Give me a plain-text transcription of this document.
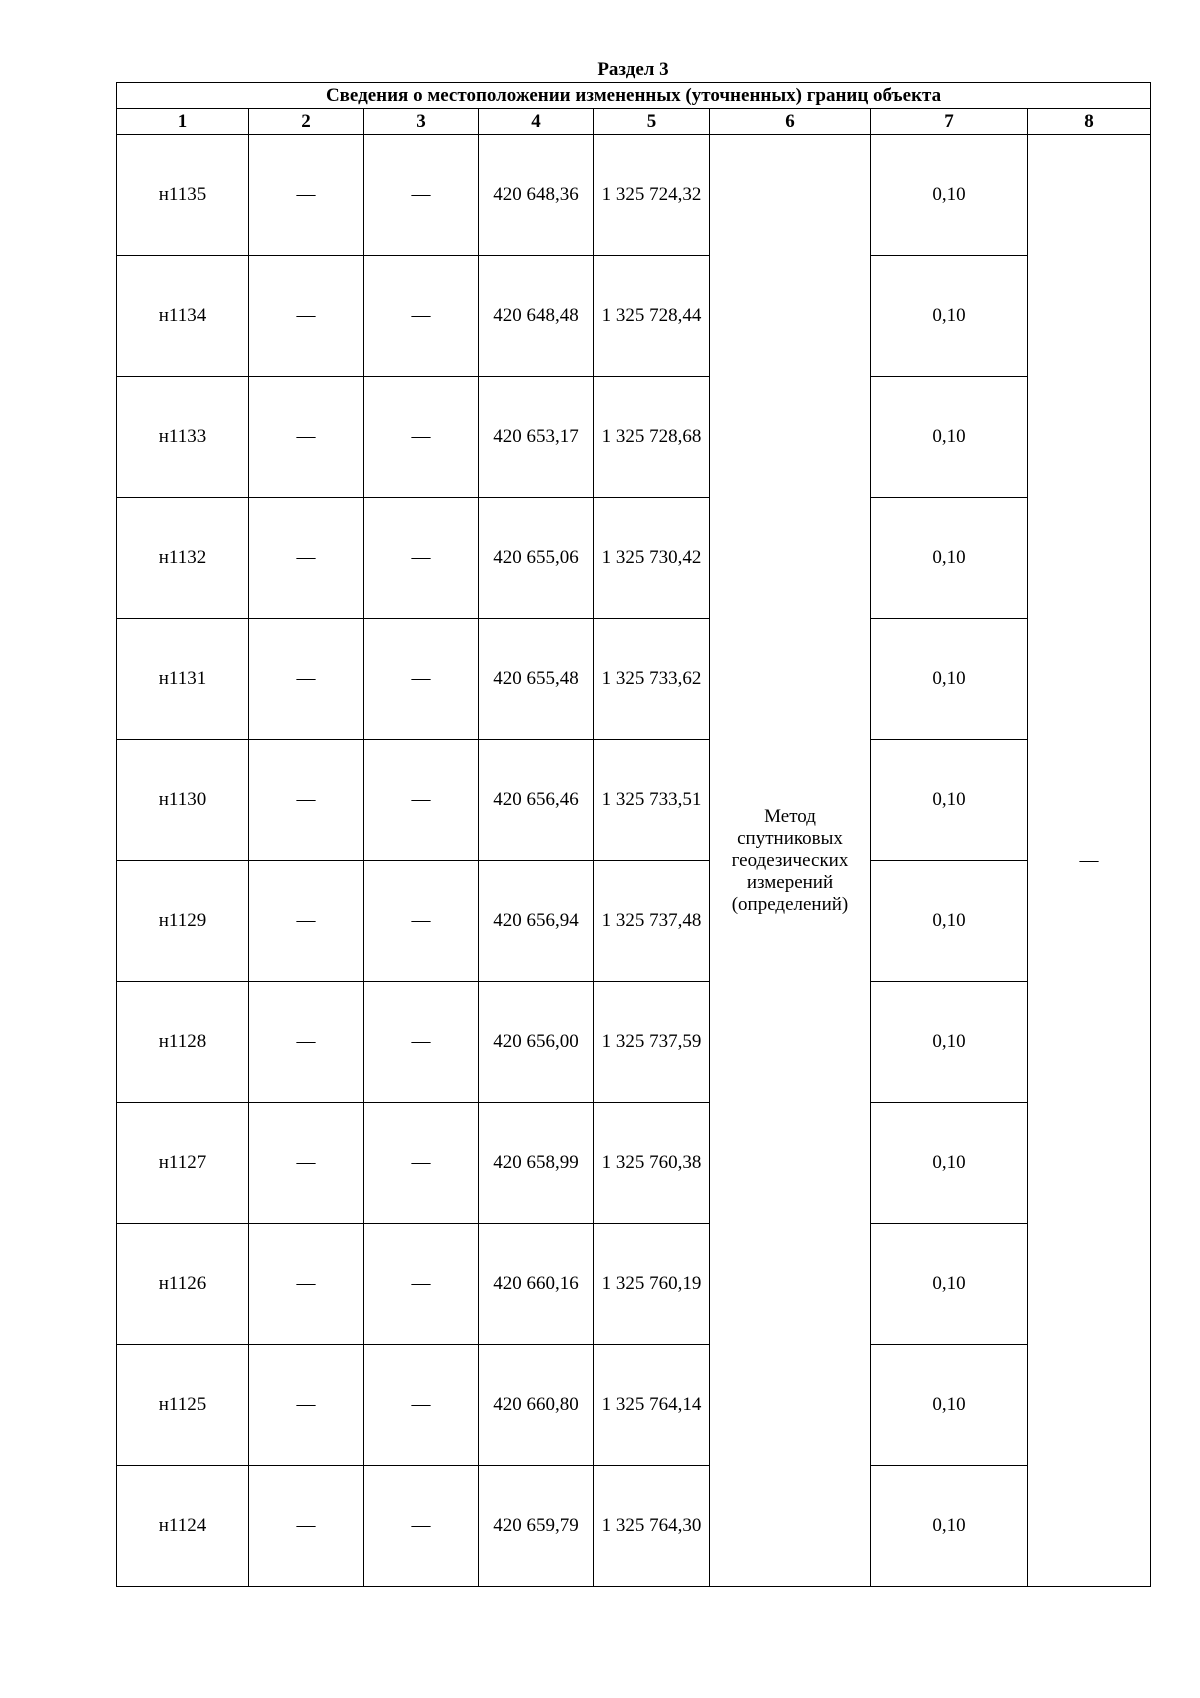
Раздел 3
Сведения о местоположении измененных (уточненных) границ объекта							
1	2	3	4	5	6	7	8
н1135	—	—	420 648,36	1 325 724,32	Метод
спутниковых
геодезических
измерений
(определений)	0,10	—
н1134	—	—	420 648,48	1 325 728,44		0,10	
н1133	—	—	420 653,17	1 325 728,68		0,10	
н1132	—	—	420 655,06	1 325 730,42		0,10	
н1131	—	—	420 655,48	1 325 733,62		0,10	
н1130	—	—	420 656,46	1 325 733,51		0,10	
н1129	—	—	420 656,94	1 325 737,48		0,10	
н1128	—	—	420 656,00	1 325 737,59		0,10	
н1127	—	—	420 658,99	1 325 760,38		0,10	
н1126	—	—	420 660,16	1 325 760,19		0,10	
н1125	—	—	420 660,80	1 325 764,14		0,10	
н1124	—	—	420 659,79	1 325 764,30		0,10	
